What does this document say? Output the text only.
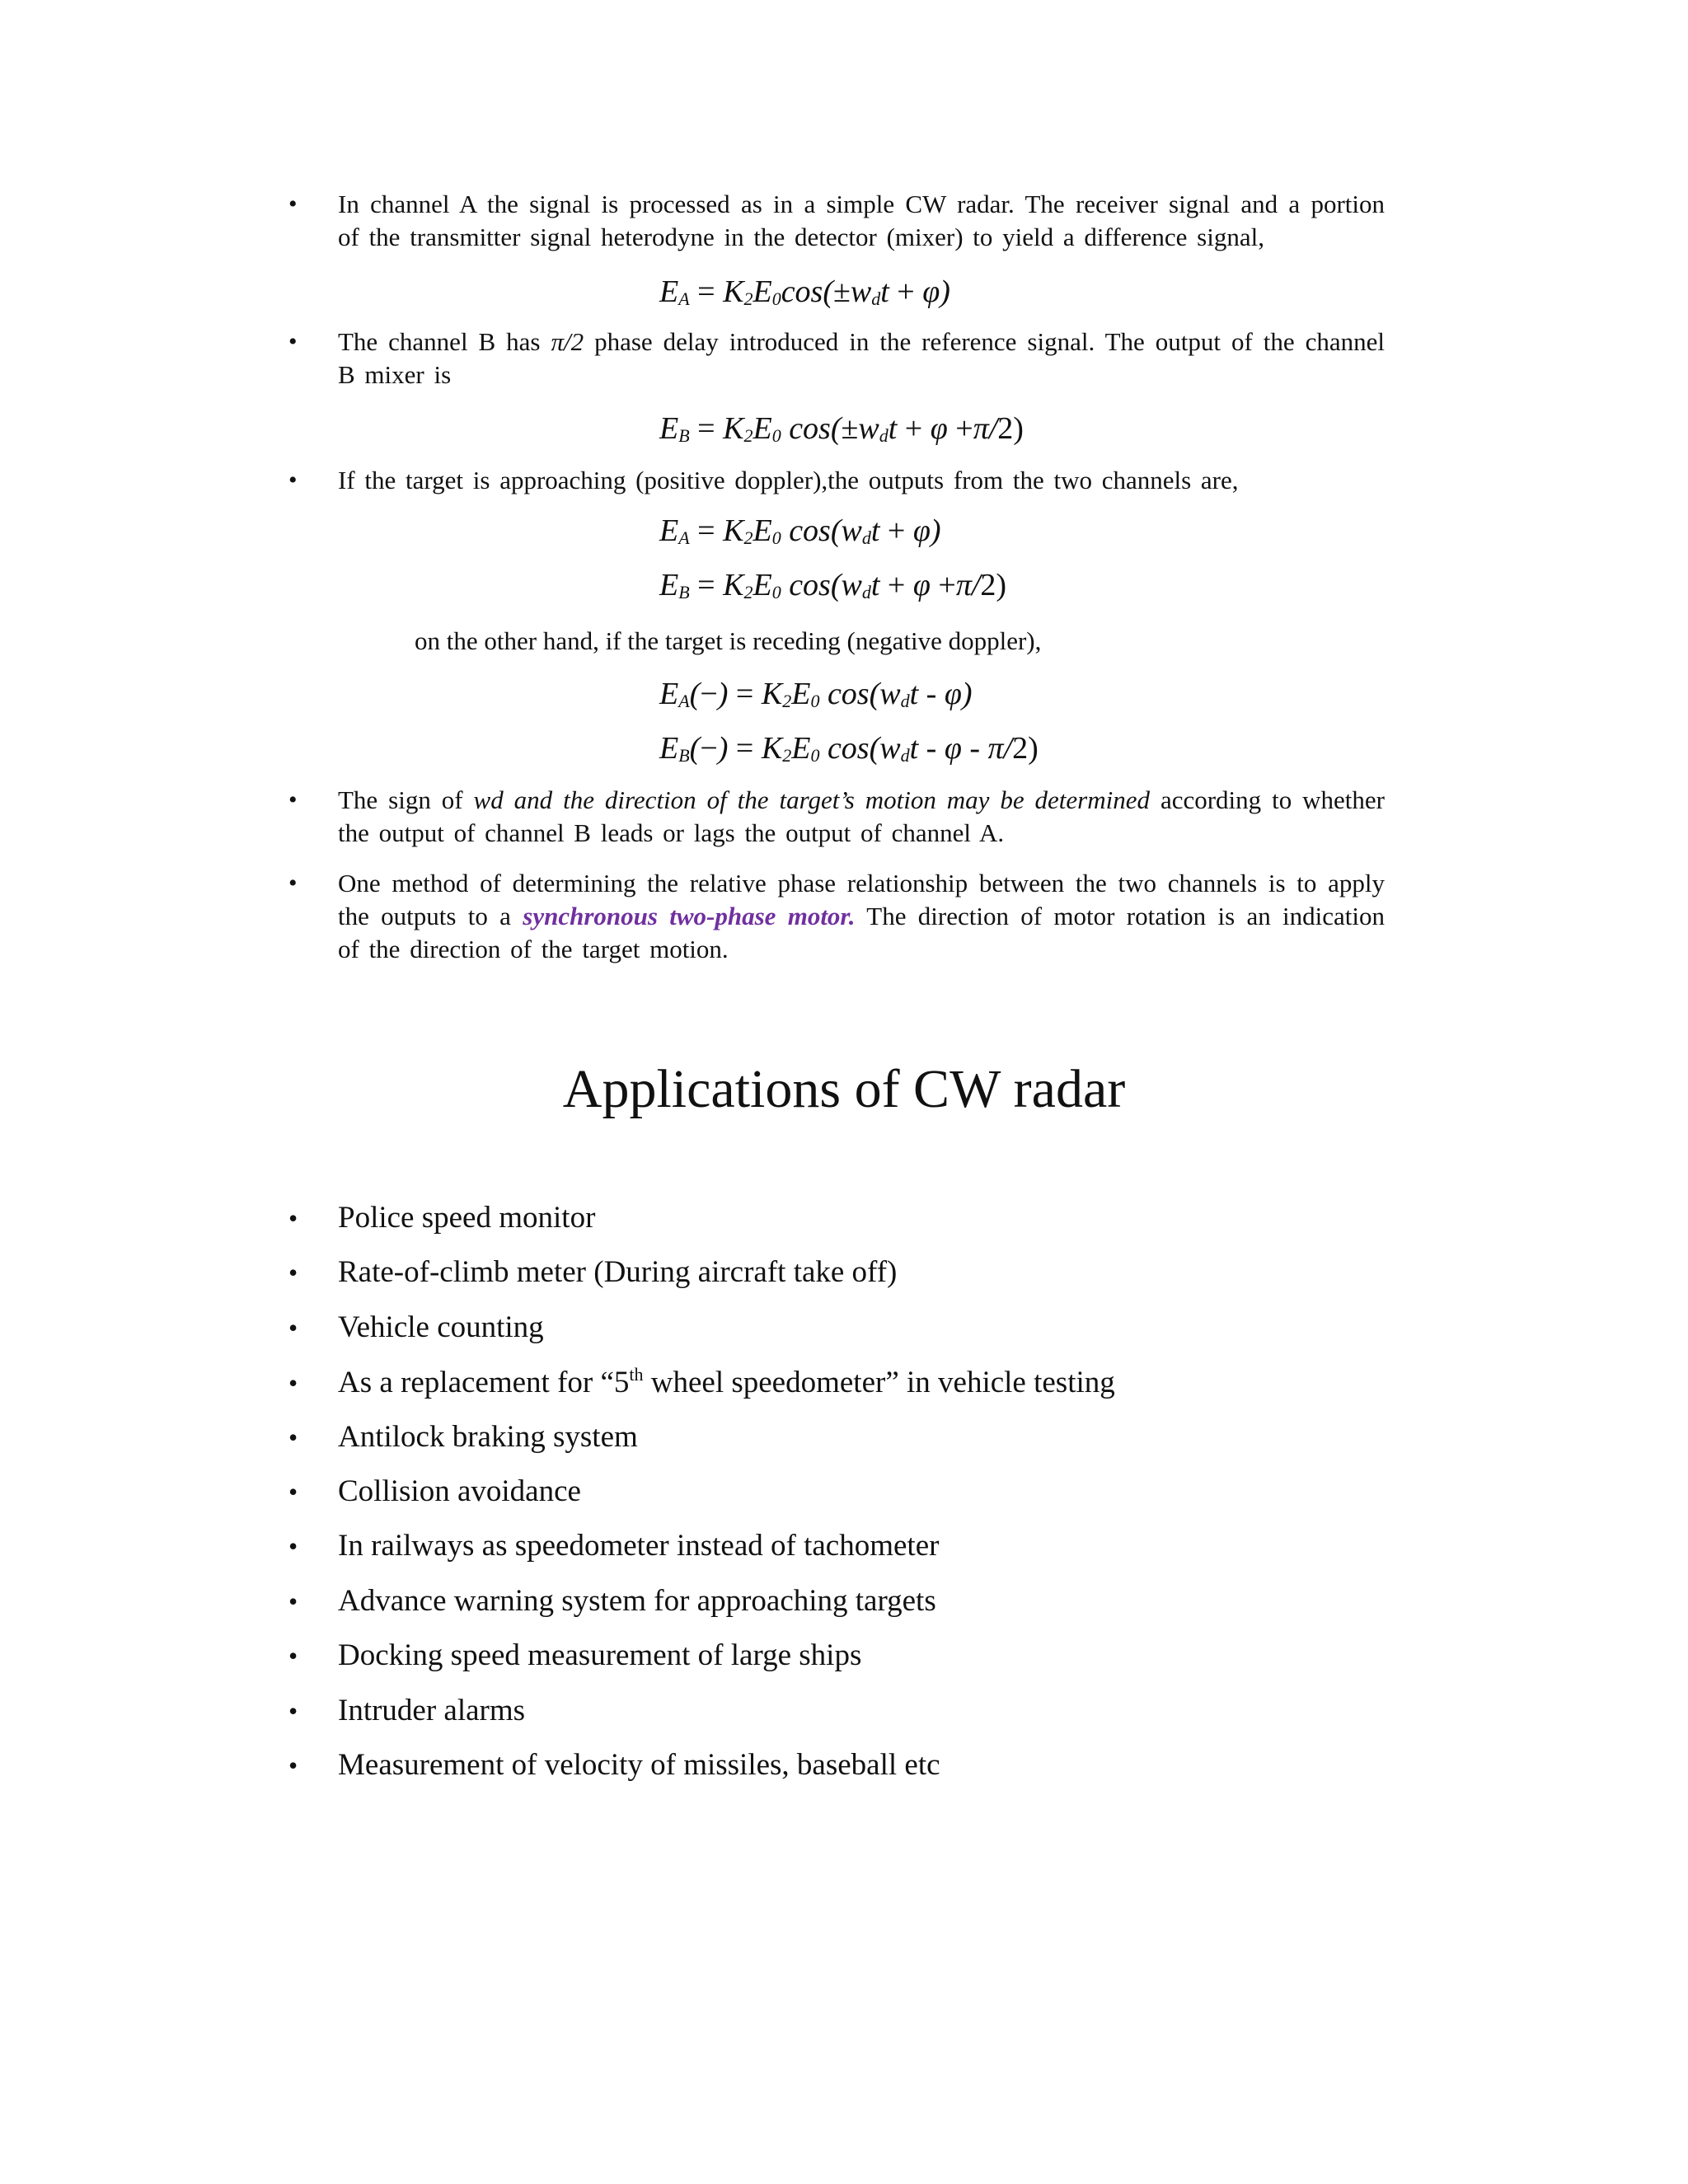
• In channel A the signal is processed as in a simple CW radar. The receiver signal and a portion of the transmitter signal heterodyne in the detector (mixer) to yield a difference signal,
$E_A = K_2E_0\cos(\pm w_dt + \varphi)$
• The channel B has π/2 phase delay introduced in the reference signal. The output of the channel B mixer is
$E_B = K_2E_0$ $\cos(\pm w_dt + \varphi +\pi/2)$
• If the target is approaching (positive doppler),the outputs from the two channels are,
$E_A = K_2E_0$ $\cos(w_dt + \varphi)$
$E_B = K_2E_0$ $\cos(w_dt + \varphi +\pi/2)$
on the other hand, if the target is receding (negative doppler),
$E_A(-) = K_2E_0$ $\cos(w_dt - \varphi)$
$E_B(-) = K_2E_0$ $\cos(w_dt$ - φ - π/2)
• The sign of wd and the direction of the target’s motion may be determined according to whether the output of channel B leads or lags the output of channel A.
• One method of determining the relative phase relationship between the two channels is to apply the outputs to a synchronous two-phase motor. The direction of motor rotation is an indication of the direction of the target motion.
Applications of CW radar
• Police speed monitor
• Rate-of-climb meter (During aircraft take off)
• Vehicle counting
• As a replacement for “5th wheel speedometer” in vehicle testing
• Antilock braking system
• Collision avoidance
• In railways as speedometer instead of tachometer
• Advance warning system for approaching targets
• Docking speed measurement of large ships
• Intruder alarms
• Measurement of velocity of missiles, baseball etc
